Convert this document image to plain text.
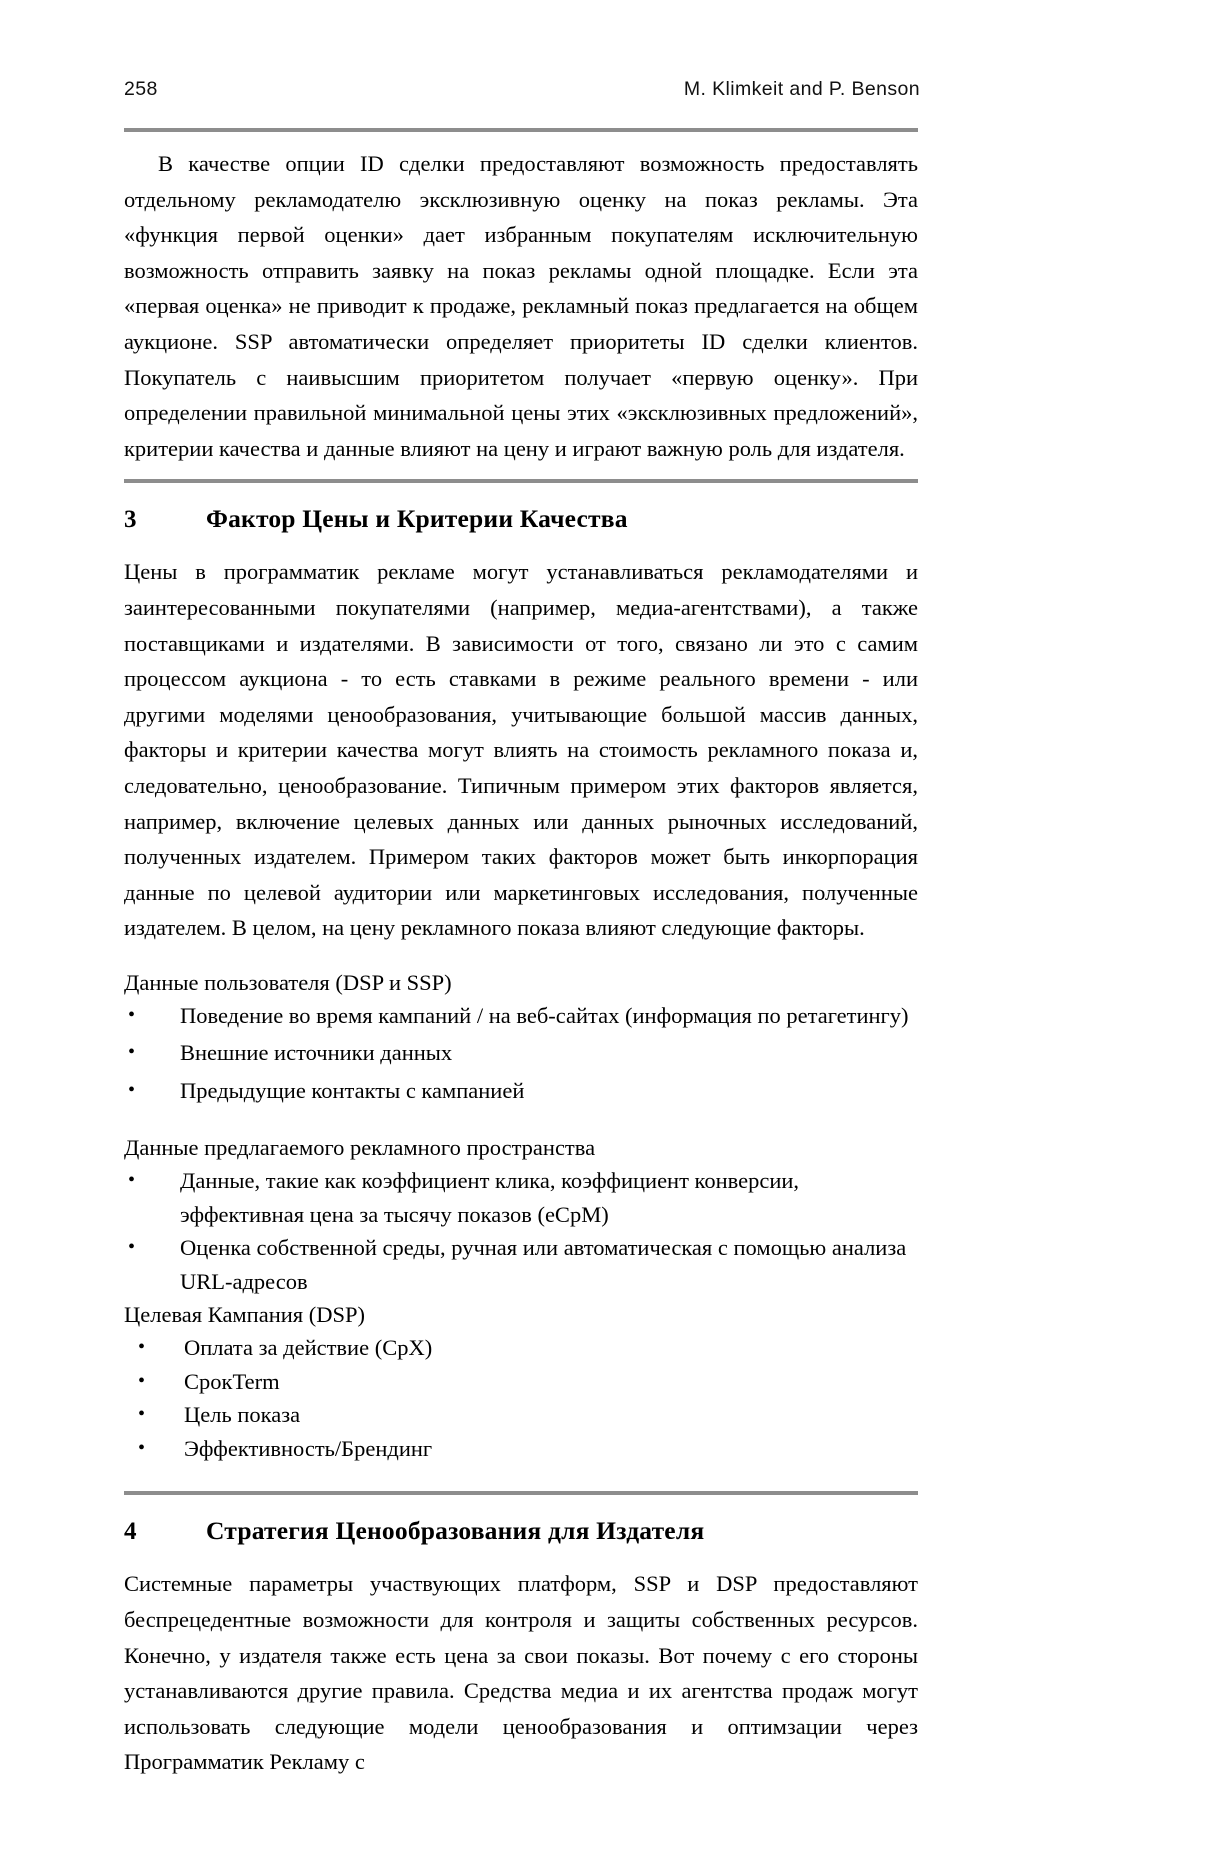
258	M. Klimkeit and P. Benson

В качестве опции ID сделки предоставляют возможность предоставлять отдельному рекламодателю эксклюзивную оценку на показ рекламы. Эта «функция первой оценки» дает избранным покупателям исключительную возможность отправить заявку на показ рекламы одной площадке. Если эта «первая оценка» не приводит к продаже, рекламный показ предлагается на общем аукционе. SSP автоматически определяет приоритеты ID сделки клиентов. Покупатель с наивысшим приоритетом получает «первую оценку». При определении правильной минимальной цены этих «эксклюзивных предложений», критерии качества и данные влияют на цену и играют важную роль для издателя.

3	Фактор Цены и Критерии Качества

Цены в программатик рекламе могут устанавливаться рекламодателями и заинтересованными покупателями (например, медиа-агентствами), а также поставщиками и издателями. В зависимости от того, связано ли это с самим процессом аукциона - то есть ставками в режиме реального времени - или другими моделями ценообразования, учитывающие большой массив данных, факторы и критерии качества могут влиять на стоимость рекламного показа и, следовательно, ценообразование. Типичным примером этих факторов является, например, включение целевых данных или данных рыночных исследований, полученных издателем. Примером таких факторов может быть инкорпорация данные по целевой аудитории или маркетинговых исследования, полученные издателем. В целом, на цену рекламного показа влияют следующие факторы.

Данные пользователя (DSP и SSP)

• Поведение во время кампаний / на веб-сайтах (информация по ретагетингу)
• Внешние источники данных
• Предыдущие контакты с кампанией

Данные предлагаемого рекламного пространства

• Данные, такие как коэффициент клика, коэффициент конверсии, эффективная цена за тысячу показов (eCpM)
• Оценка собственной среды, ручная или автоматическая с помощью анализа URL-адресов

Целевая Кампания (DSP)

• Оплата за действие (CpX)
• СрокTerm
• Цель показа
• Эффективность/Брендинг
4	Стратегия Ценообразования для Издателя

Системные параметры участвующих платформ, SSP и DSP предоставляют беспрецедентные возможности для контроля и защиты собственных ресурсов. Конечно, у издателя также есть цена за свои показы. Вот почему с его стороны устанавливаются другие правила. Средства медиа и их агентства продаж могут использовать следующие модели ценообразования и оптимзации через Программатик Рекламу с
